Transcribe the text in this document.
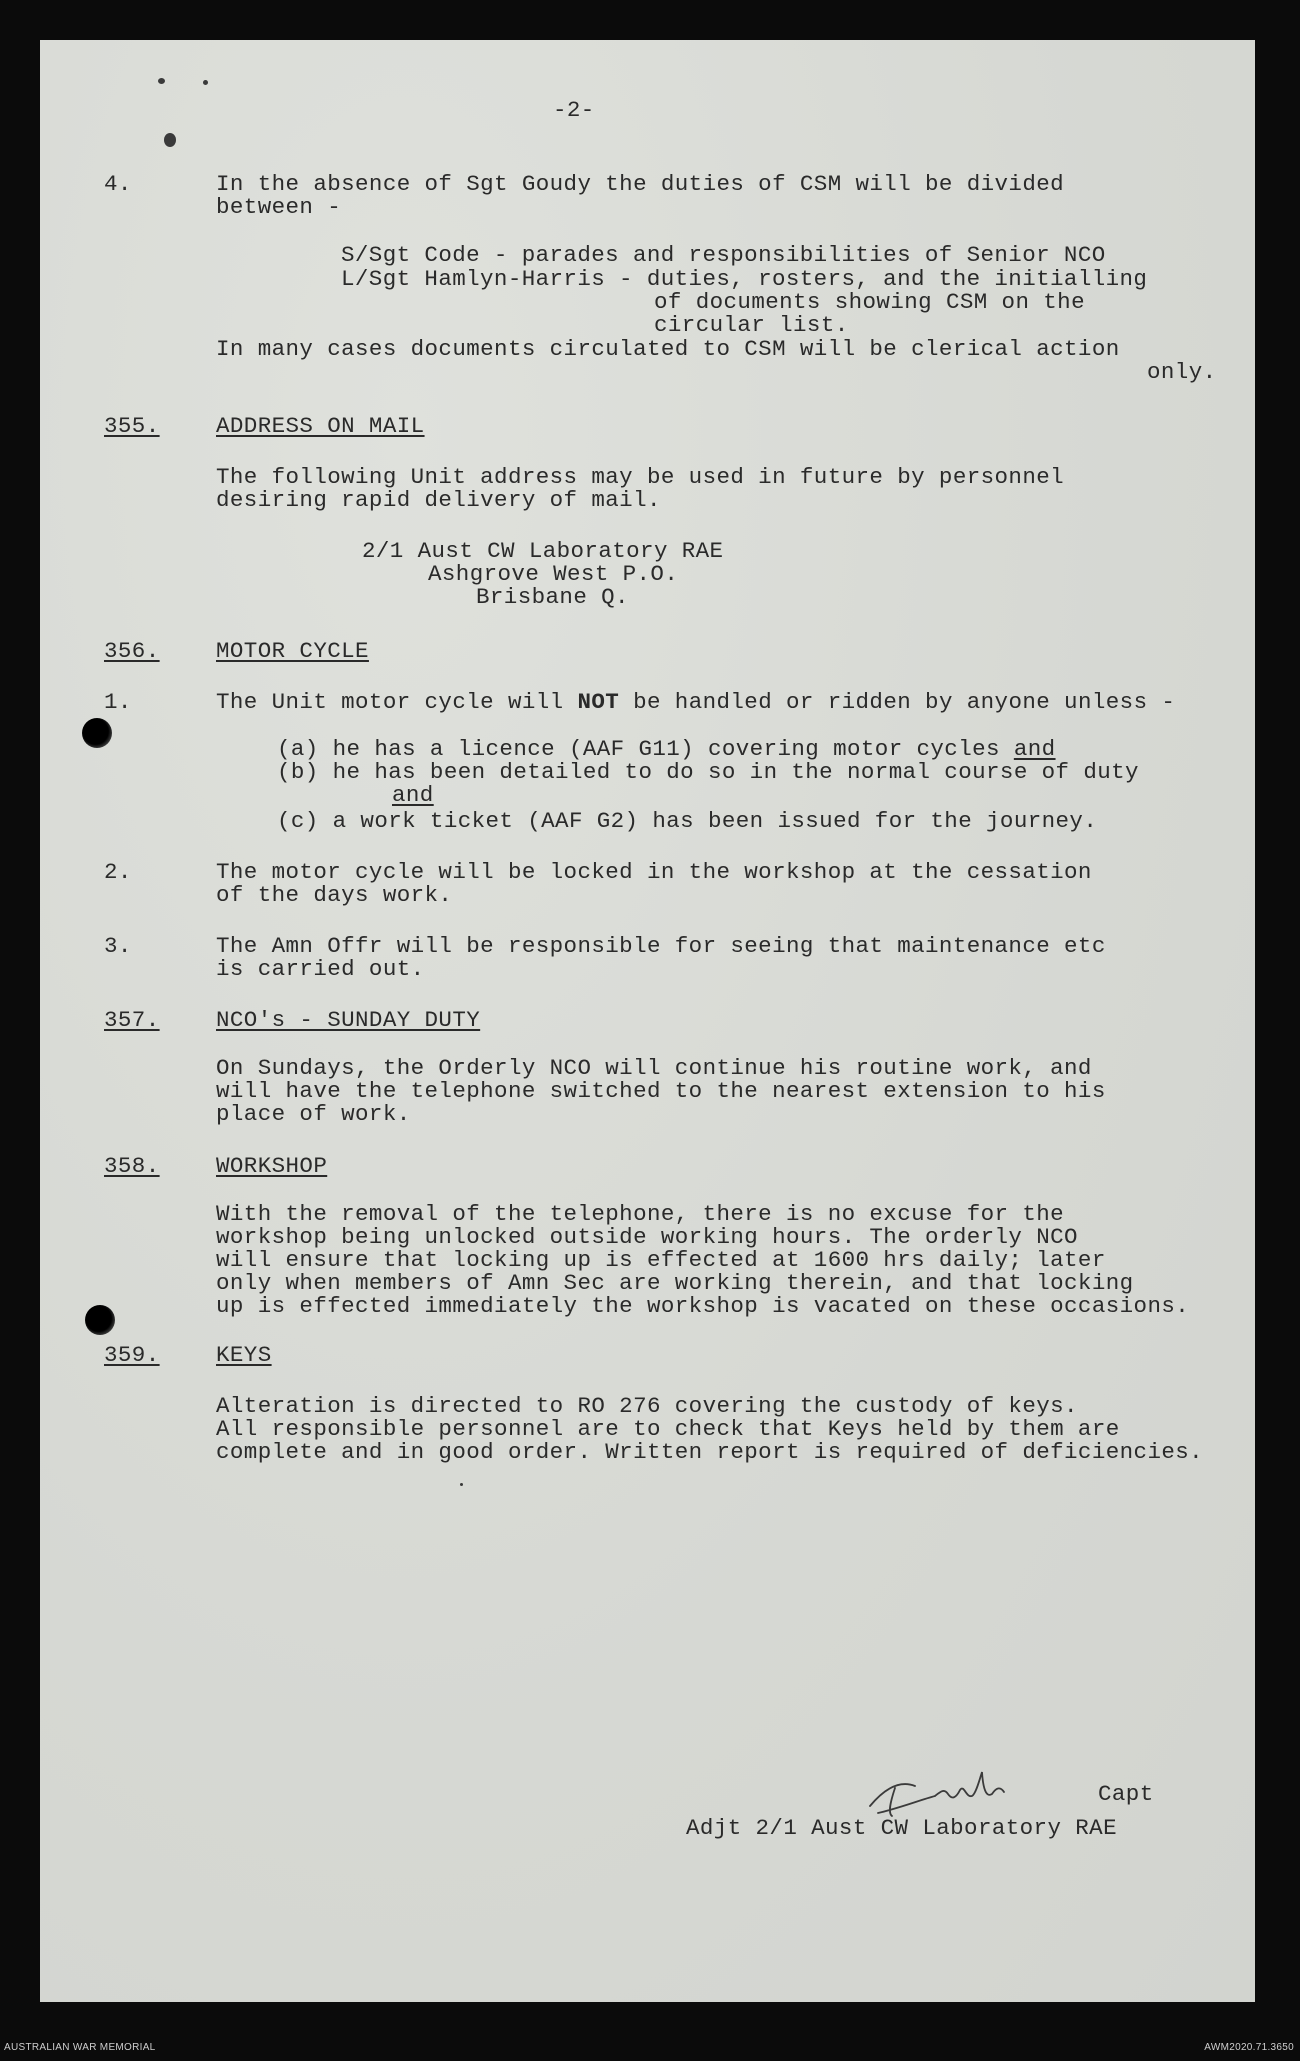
-2-
4.	In the absence of Sgt Goudy the duties of CSM will be divided
between -
S/Sgt Code - parades and responsibilities of Senior NCO
L/Sgt Hamlyn-Harris - duties, rosters, and the initialling
of documents showing CSM on the
circular list.
In many cases documents circulated to CSM will be clerical action
only.
355.	ADDRESS ON MAIL
The following Unit address may be used in future by personnel
desiring rapid delivery of mail.
2/1 Aust CW Laboratory RAE
Ashgrove West P.O.
Brisbane Q.
356.	MOTOR CYCLE
1.	The Unit motor cycle will NOT be handled or ridden by anyone unless -
(a) he has a licence (AAF G11) covering motor cycles and
(b) he has been detailed to do so in the normal course of duty
and
(c) a work ticket (AAF G2) has been issued for the journey.
2.	The motor cycle will be locked in the workshop at the cessation
of the days work.
3.	The Amn Offr will be responsible for seeing that maintenance etc
is carried out.
357.	NCO's - SUNDAY DUTY
On Sundays, the Orderly NCO will continue his routine work, and
will have the telephone switched to the nearest extension to his
place of work.
358.	WORKSHOP
With the removal of the telephone, there is no excuse for the
workshop being unlocked outside working hours. The orderly NCO
will ensure that locking up is effected at 1600 hrs daily; later
only when members of Amn Sec are working therein, and that locking
up is effected immediately the workshop is vacated on these occasions.
359.	KEYS
Alteration is directed to RO 276 covering the custody of keys.
All responsible personnel are to check that Keys held by them are
complete and in good order. Written report is required of deficiencies.
Capt
Adjt 2/1 Aust CW Laboratory RAE
AUSTRALIAN WAR MEMORIAL	AWM2020.71.3650
